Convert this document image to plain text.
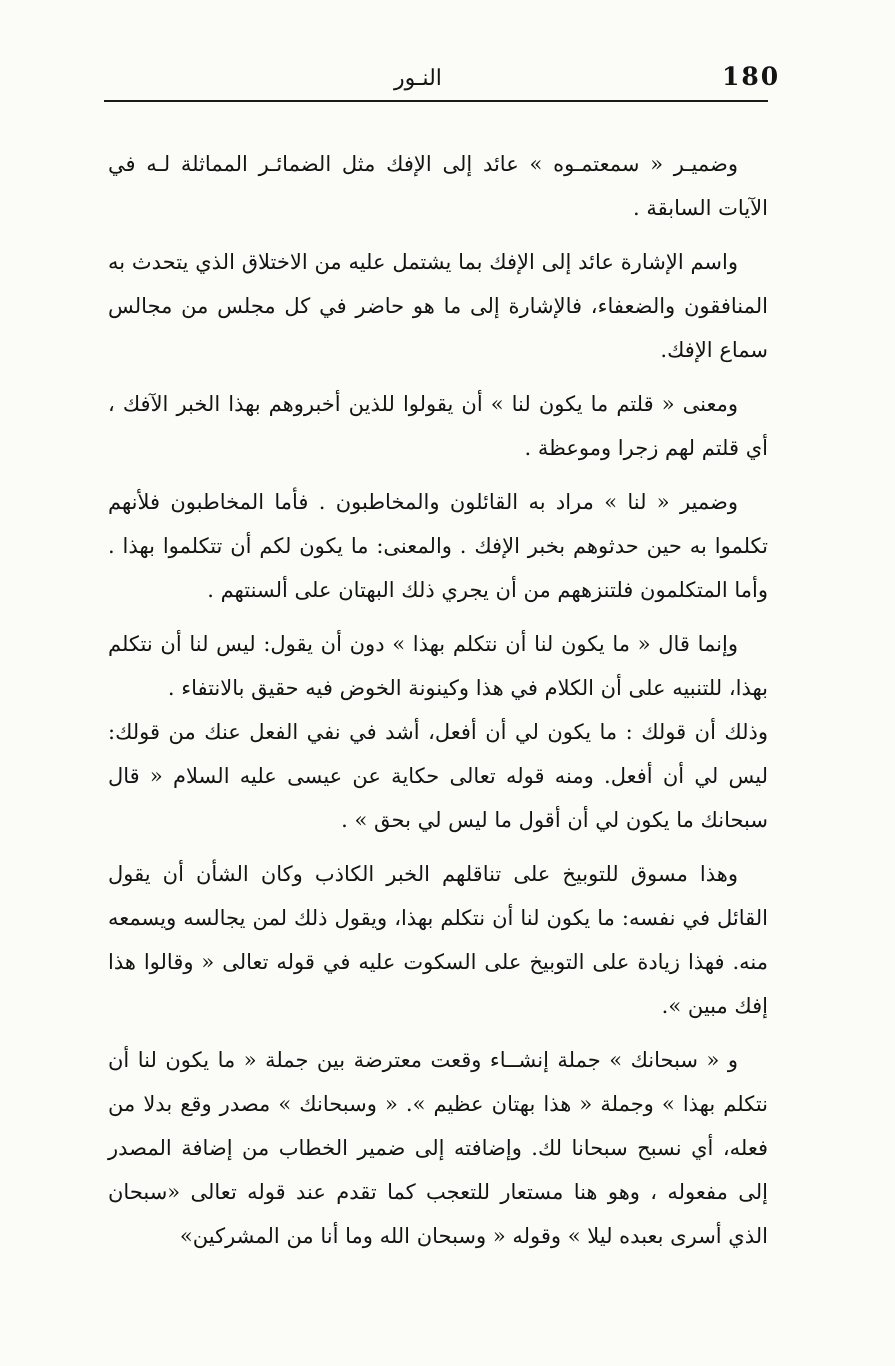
180
النـور

وضميـر « سمعتمـوه » عائد إلى الإفك مثل الضمائـر المماثلة لـه في الآيات السابقة .

واسم الإشارة عائد إلى الإفك بما يشتمل عليه من الاختلاق الذي يتحدث به المنافقون والضعفاء، فالإشارة إلى ما هو حاضر في كل مجلس من مجالس سماع الإفك.

ومعنى « قلتم ما يكون لنا » أن يقولوا للذين أخبروهم بهذا الخبر الآفك ، أي قلتم لهم زجرا وموعظة .

وضمير « لنا » مراد به القائلون والمخاطبون . فأما المخاطبون فلأنهم تكلموا به حين حدثوهم بخبر الإفك . والمعنى: ما يكون لكم أن تتكلموا بهذا . وأما المتكلمون فلتنزههم من أن يجري ذلك البهتان على ألسنتهم .

وإنما قال « ما يكون لنا أن نتكلم بهذا » دون أن يقول: ليس لنا أن نتكلم بهذا، للتنبيه على أن الكلام في هذا وكينونة الخوض فيه حقيق بالانتفاء .

وذلك أن قولك : ما يكون لي أن أفعل، أشد في نفي الفعل عنك من قولك: ليس لي أن أفعل. ومنه قوله تعالى حكاية عن عيسى عليه السلام « قال سبحانك ما يكون لي أن أقول ما ليس لي بحق » .

وهذا مسوق للتوبيخ على تناقلهم الخبر الكاذب وكان الشأن أن يقول القائل في نفسه: ما يكون لنا أن نتكلم بهذا، ويقول ذلك لمن يجالسه ويسمعه منه. فهذا زيادة على التوبيخ على السكوت عليه في قوله تعالى « وقالوا هذا إفك مبين ».

و « سبحانك » جملة إنشــاء وقعت معترضة بين جملة « ما يكون لنا أن نتكلم بهذا » وجملة « هذا بهتان عظيم ». « وسبحانك » مصدر وقع بدلا من فعله، أي نسبح سبحانا لك. وإضافته إلى ضمير الخطاب من إضافة المصدر إلى مفعوله ، وهو هنا مستعار للتعجب كما تقدم عند قوله تعالى «سبحان الذي أسرى بعبده ليلا » وقوله « وسبحان الله وما أنا من المشركين»
